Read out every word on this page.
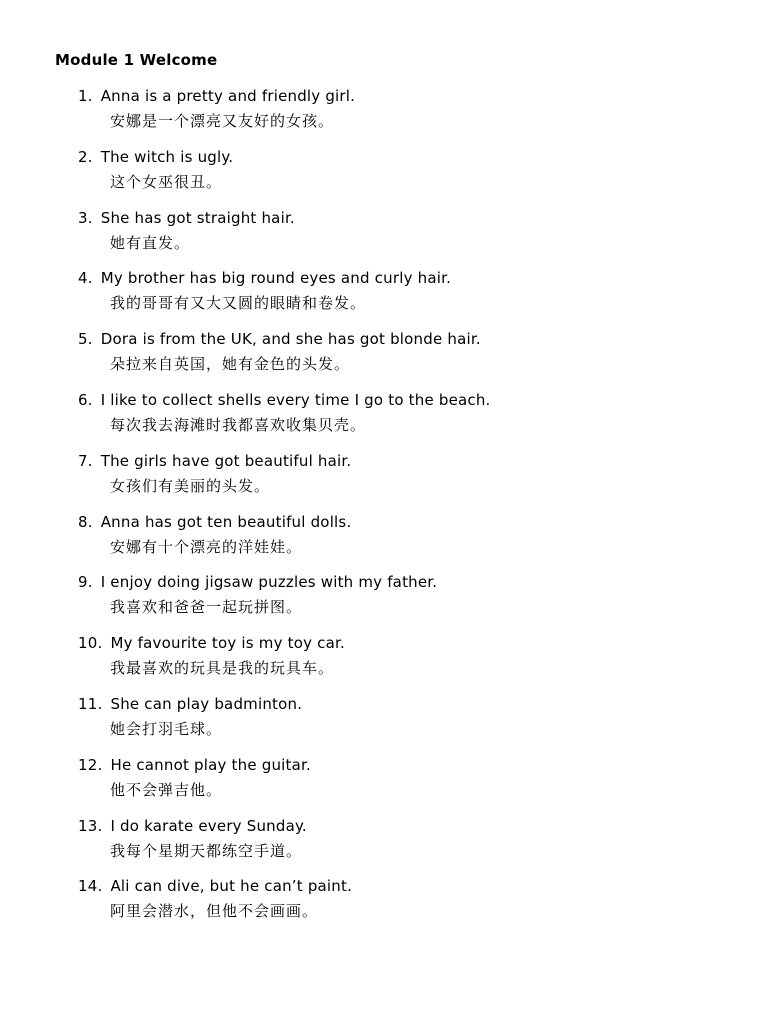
Module 1 Welcome
1. Anna is a pretty and friendly girl.
安娜是一个漂亮又友好的女孩。
2. The witch is ugly.
这个女巫很丑。
3. She has got straight hair.
她有直发。
4. My brother has big round eyes and curly hair.
我的哥哥有又大又圆的眼睛和卷发。
5. Dora is from the UK, and she has got blonde hair.
朵拉来自英国，她有金色的头发。
6. I like to collect shells every time I go to the beach.
每次我去海滩时我都喜欢收集贝壳。
7. The girls have got beautiful hair.
女孩们有美丽的头发。
8. Anna has got ten beautiful dolls.
安娜有十个漂亮的洋娃娃。
9. I enjoy doing jigsaw puzzles with my father.
我喜欢和爸爸一起玩拼图。
10. My favourite toy is my toy car.
我最喜欢的玩具是我的玩具车。
11. She can play badminton.
她会打羽毛球。
12. He cannot play the guitar.
他不会弹吉他。
13. I do karate every Sunday.
我每个星期天都练空手道。
14. Ali can dive, but he can’t paint.
阿里会潜水，但他不会画画。
